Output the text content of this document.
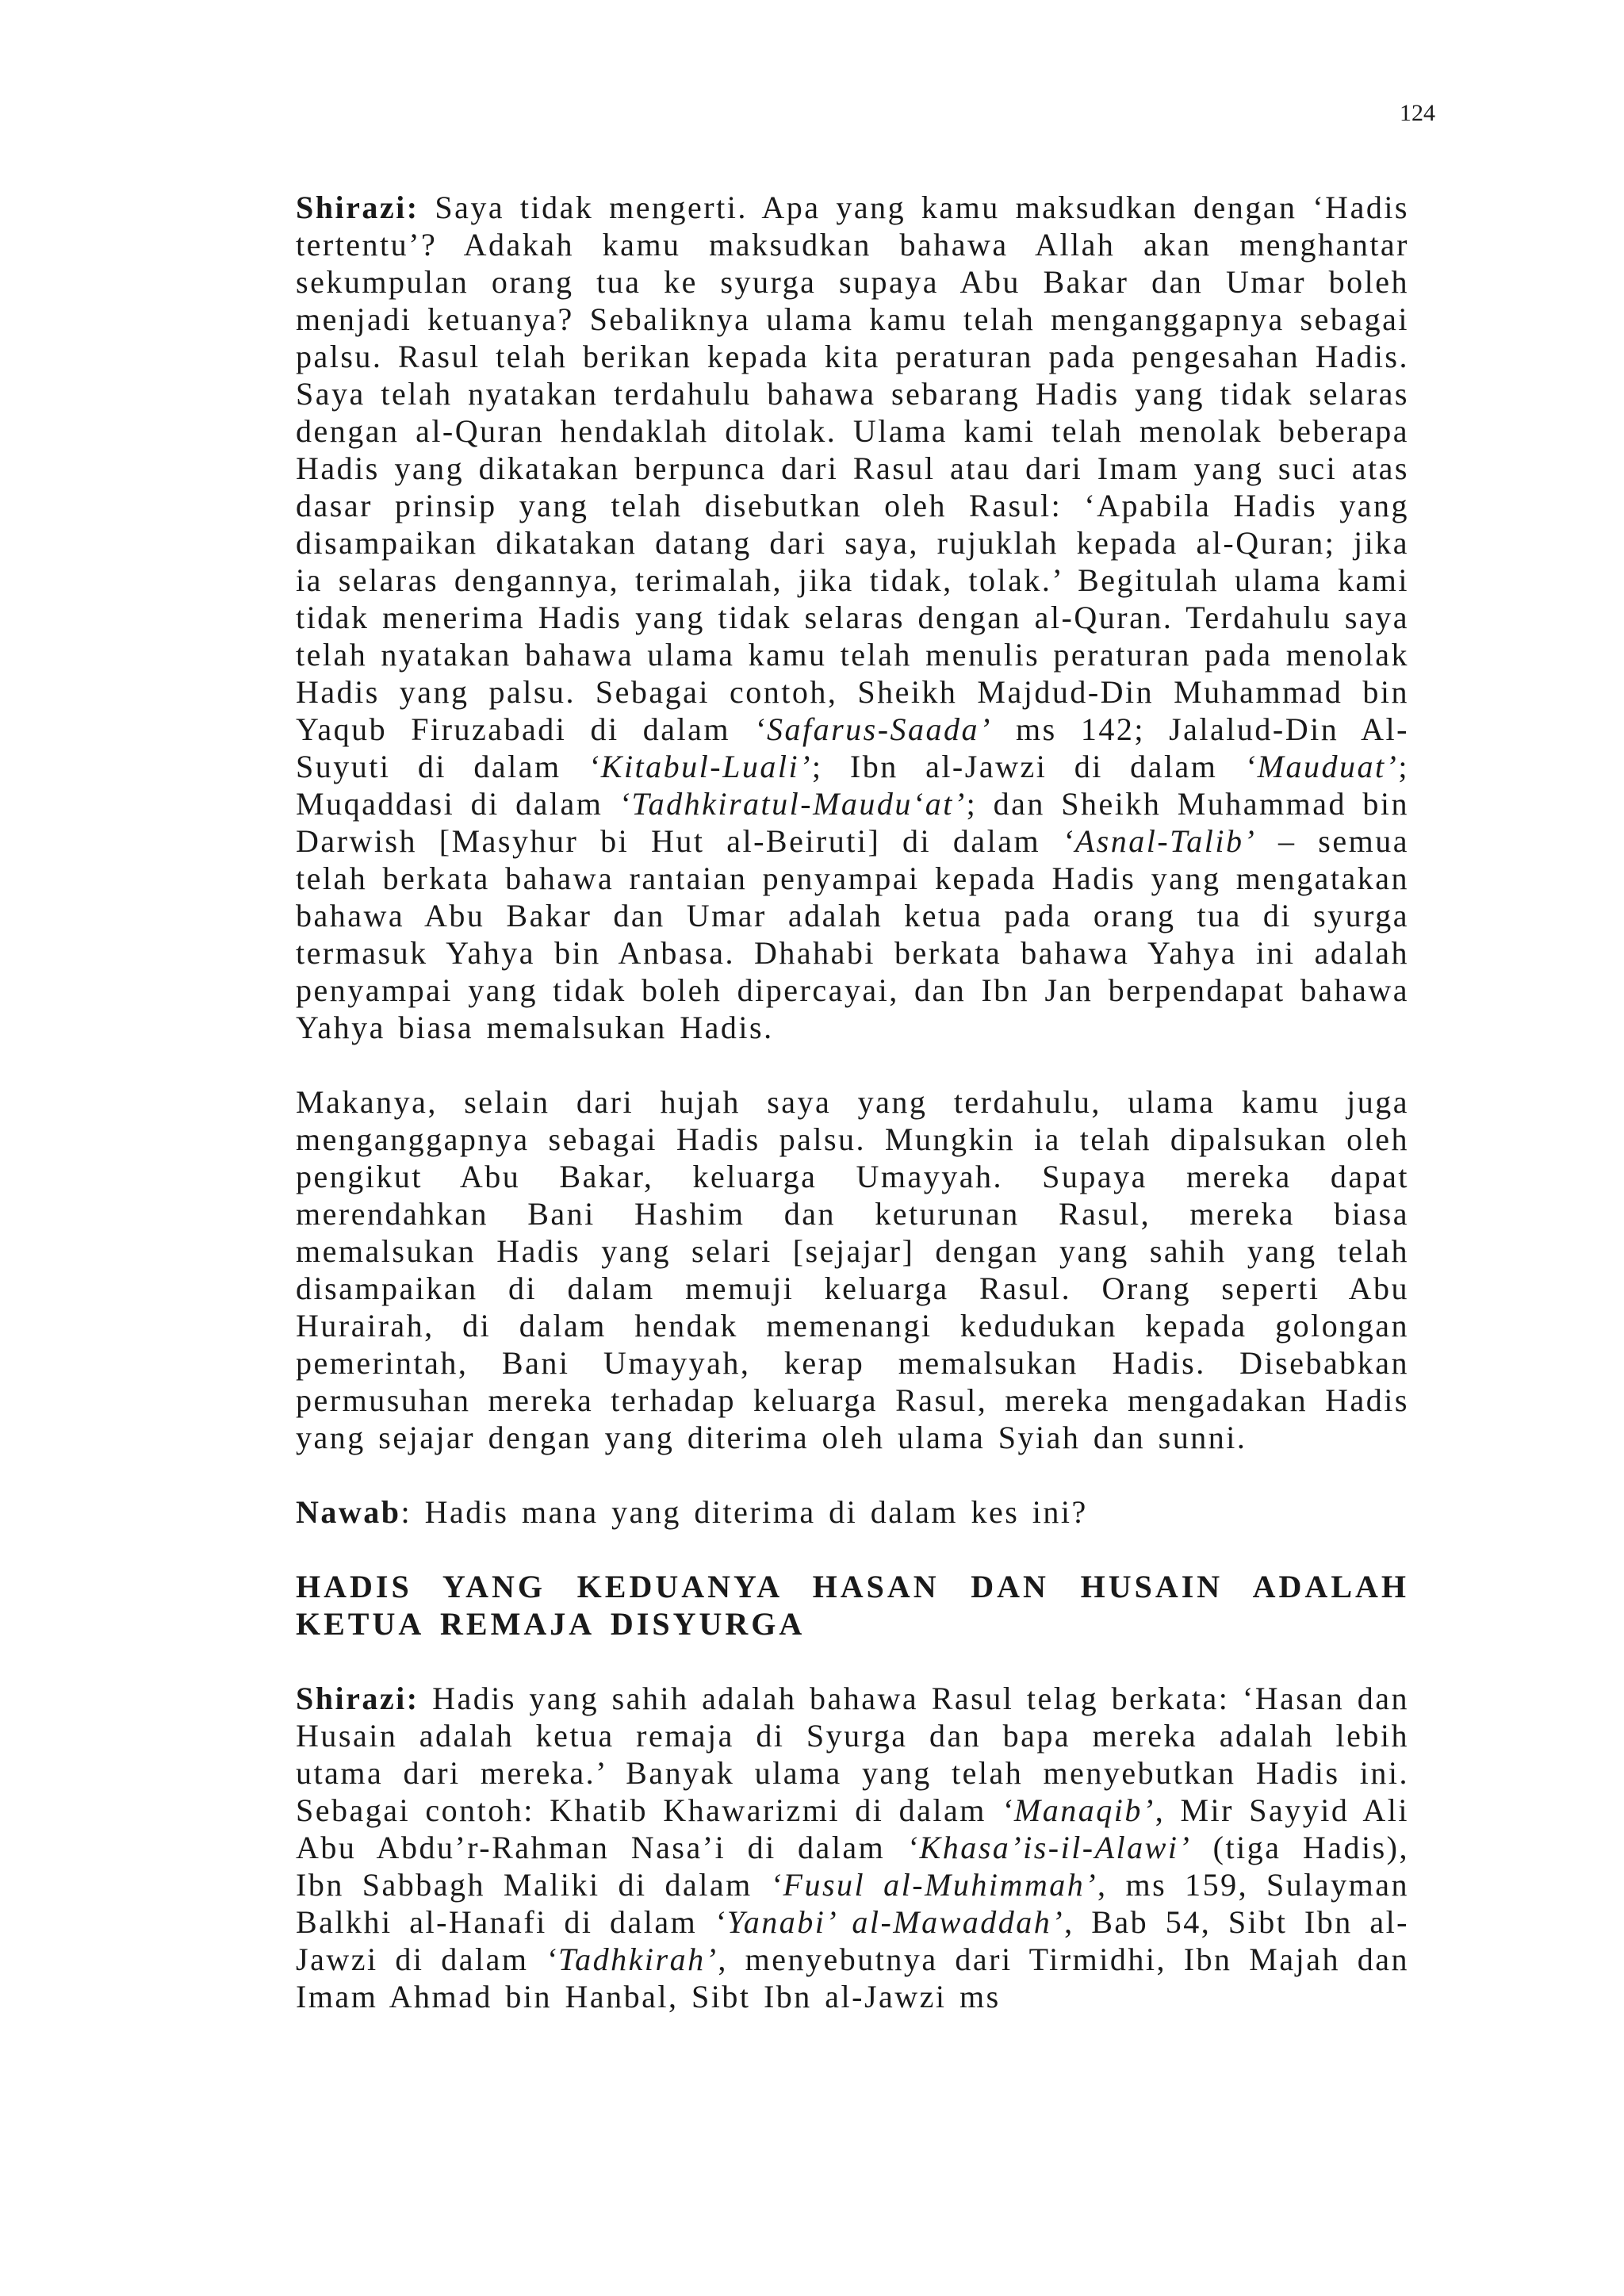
124

Shirazi: Saya tidak mengerti. Apa yang kamu maksudkan dengan ‘Hadis tertentu’? Adakah kamu maksudkan bahawa Allah akan menghantar sekumpulan orang tua ke syurga supaya Abu Bakar dan Umar boleh menjadi ketuanya? Sebaliknya ulama kamu telah menganggapnya sebagai palsu. Rasul telah berikan kepada kita peraturan pada pengesahan Hadis. Saya telah nyatakan terdahulu bahawa sebarang Hadis yang tidak selaras dengan al-Quran hendaklah ditolak. Ulama kami telah menolak beberapa Hadis yang dikatakan berpunca dari Rasul atau dari Imam yang suci atas dasar prinsip yang telah disebutkan oleh Rasul: ‘Apabila Hadis yang disampaikan dikatakan datang dari saya, rujuklah kepada al-Quran; jika ia selaras dengannya, terimalah, jika tidak, tolak.’ Begitulah ulama kami tidak menerima Hadis yang tidak selaras dengan al-Quran. Terdahulu saya telah nyatakan bahawa ulama kamu telah menulis peraturan pada menolak Hadis yang palsu. Sebagai contoh, Sheikh Majdud-Din Muhammad bin Yaqub Firuzabadi di dalam ‘Safarus-Saada’ ms 142; Jalalud-Din Al-Suyuti di dalam ‘Kitabul-Luali’; Ibn al-Jawzi di dalam ‘Mauduat’; Muqaddasi di dalam ‘Tadhkiratul-Maudu‘at’; dan Sheikh Muhammad bin Darwish [Masyhur bi Hut al-Beiruti] di dalam ‘Asnal-Talib’ – semua telah berkata bahawa rantaian penyampai kepada Hadis yang mengatakan bahawa Abu Bakar dan Umar adalah ketua pada orang tua di syurga termasuk Yahya bin Anbasa. Dhahabi berkata bahawa Yahya ini adalah penyampai yang tidak boleh dipercayai, dan Ibn Jan berpendapat bahawa Yahya biasa memalsukan Hadis.

Makanya, selain dari hujah saya yang terdahulu, ulama kamu juga menganggapnya sebagai Hadis palsu. Mungkin ia telah dipalsukan oleh pengikut Abu Bakar, keluarga Umayyah. Supaya mereka dapat merendahkan Bani Hashim dan keturunan Rasul, mereka biasa memalsukan Hadis yang selari [sejajar] dengan yang sahih yang telah disampaikan di dalam memuji keluarga Rasul. Orang seperti Abu Hurairah, di dalam hendak memenangi kedudukan kepada golongan pemerintah, Bani Umayyah, kerap memalsukan Hadis. Disebabkan permusuhan mereka terhadap keluarga Rasul, mereka mengadakan Hadis yang sejajar dengan yang diterima oleh ulama Syiah dan sunni.

Nawab: Hadis mana yang diterima di dalam kes ini?

HADIS YANG KEDUANYA HASAN DAN HUSAIN ADALAH
KETUA REMAJA DISYURGA

Shirazi: Hadis yang sahih adalah bahawa Rasul telag berkata: ‘Hasan dan Husain adalah ketua remaja di Syurga dan bapa mereka adalah lebih utama dari mereka.’ Banyak ulama yang telah menyebutkan Hadis ini. Sebagai contoh: Khatib Khawarizmi di dalam ‘Manaqib’, Mir Sayyid Ali Abu Abdu’r-Rahman Nasa’i di dalam ‘Khasa’is-il-Alawi’ (tiga Hadis), Ibn Sabbagh Maliki di dalam ‘Fusul al-Muhimmah’, ms 159, Sulayman Balkhi al-Hanafi di dalam ‘Yanabi’ al-Mawaddah’, Bab 54, Sibt Ibn al-Jawzi di dalam ‘Tadhkirah’, menyebutnya dari Tirmidhi, Ibn Majah dan Imam Ahmad bin Hanbal, Sibt Ibn al-Jawzi ms
